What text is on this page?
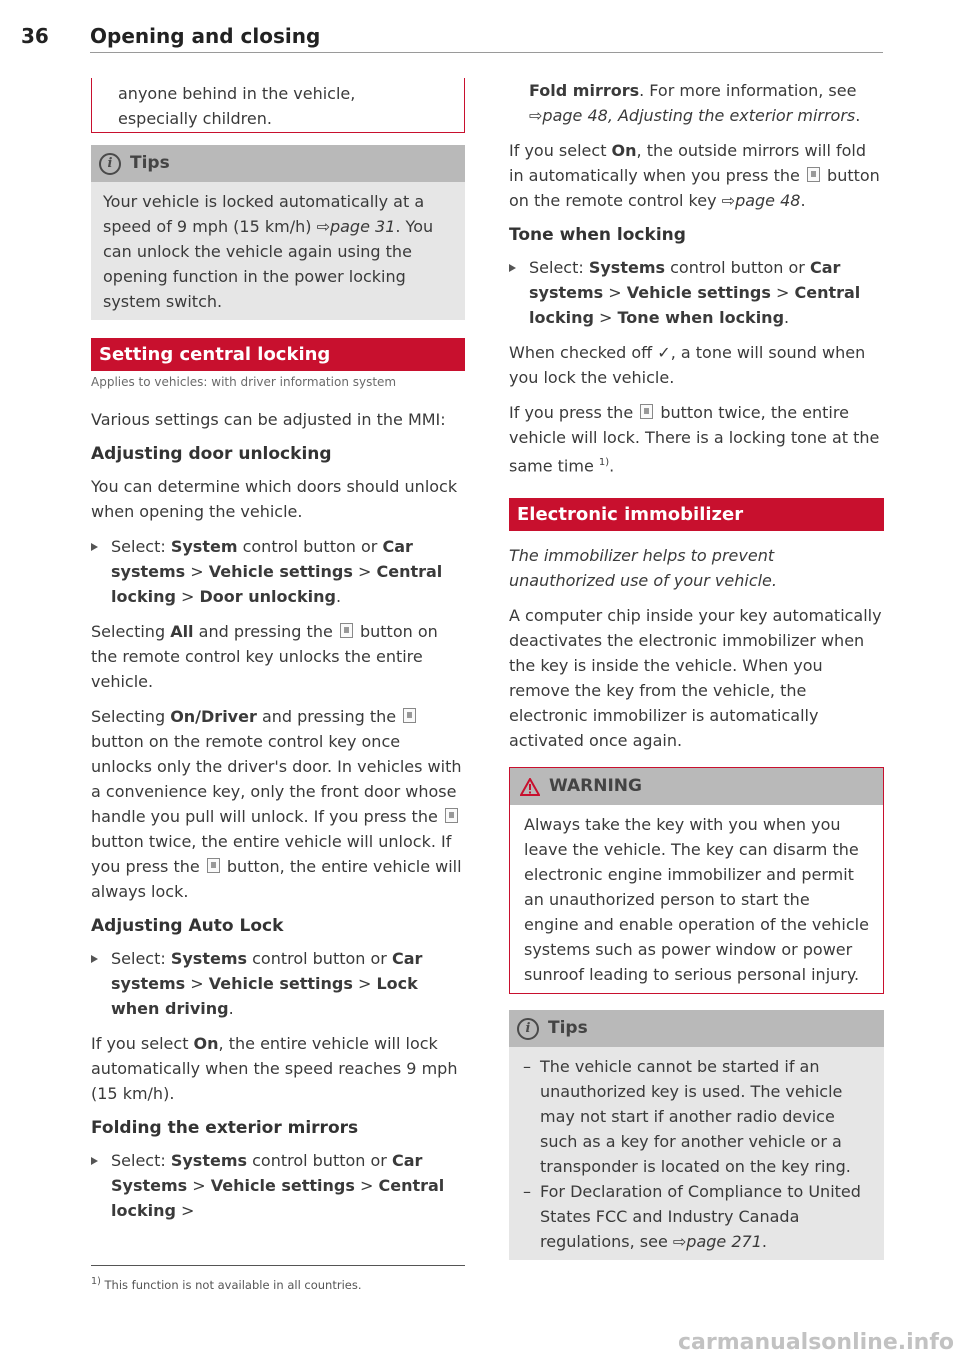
36 Opening and closing

anyone behind in the vehicle, especially children.

i	Tips

Your vehicle is locked automatically at a speed of 9 mph (15 km/h) ⇨page 31. You can unlock the vehicle again using the opening function in the power locking system switch.

Setting central locking
Applies to vehicles: with driver information system

Various settings can be adjusted in the MMI:

Adjusting door unlocking

You can determine which doors should unlock when opening the vehicle.

Select: System control button or Car systems > Vehicle settings > Central locking > Door unlocking.

Selecting All and pressing the  button on the remote control key unlocks the entire vehicle.

Selecting On/Driver and pressing the  button on the remote control key once unlocks only the driver's door. In vehicles with a convenience key, only the front door whose handle you pull will unlock. If you press the  button twice, the entire vehicle will unlock. If you press the  button, the entire vehicle will always lock.

Adjusting Auto Lock
Select: Systems control button or Car systems > Vehicle settings > Lock when driving.

If you select On, the entire vehicle will lock automatically when the speed reaches 9 mph (15 km/h).

Folding the exterior mirrors
Select: Systems control button or Car Systems > Vehicle settings > Central locking >
$^{1)}$ This function is not available in all countries.

Fold mirrors. For more information, see ⇨page 48, Adjusting the exterior mirrors.

If you select On, the outside mirrors will fold in automatically when you press the  button on the remote control key ⇨page 48.

Tone when locking
Select: Systems control button or Car systems > Vehicle settings > Central locking > Tone when locking.

When checked off ✓, a tone will sound when you lock the vehicle.

If you press the  button twice, the entire vehicle will lock. There is a locking tone at the same time $^{1)}$.

Electronic immobilizer

The immobilizer helps to prevent unauthorized use of your vehicle.

A computer chip inside your key automatically deactivates the electronic immobilizer when the key is inside the vehicle. When you remove the key from the vehicle, the electronic immobilizer is automatically activated once again.

WARNING

Always take the key with you when you leave the vehicle. The key can disarm the electronic engine immobilizer and permit an unauthorized person to start the engine and enable operation of the vehicle systems such as power window or power sunroof leading to serious personal injury.

i	Tips
– The vehicle cannot be started if an unauthorized key is used. The vehicle may not start if another radio device such as a key for another vehicle or a transponder is located on the key ring.
– For Declaration of Compliance to United States FCC and Industry Canada regulations, see ⇨page 271.
carmanualsonline.info
